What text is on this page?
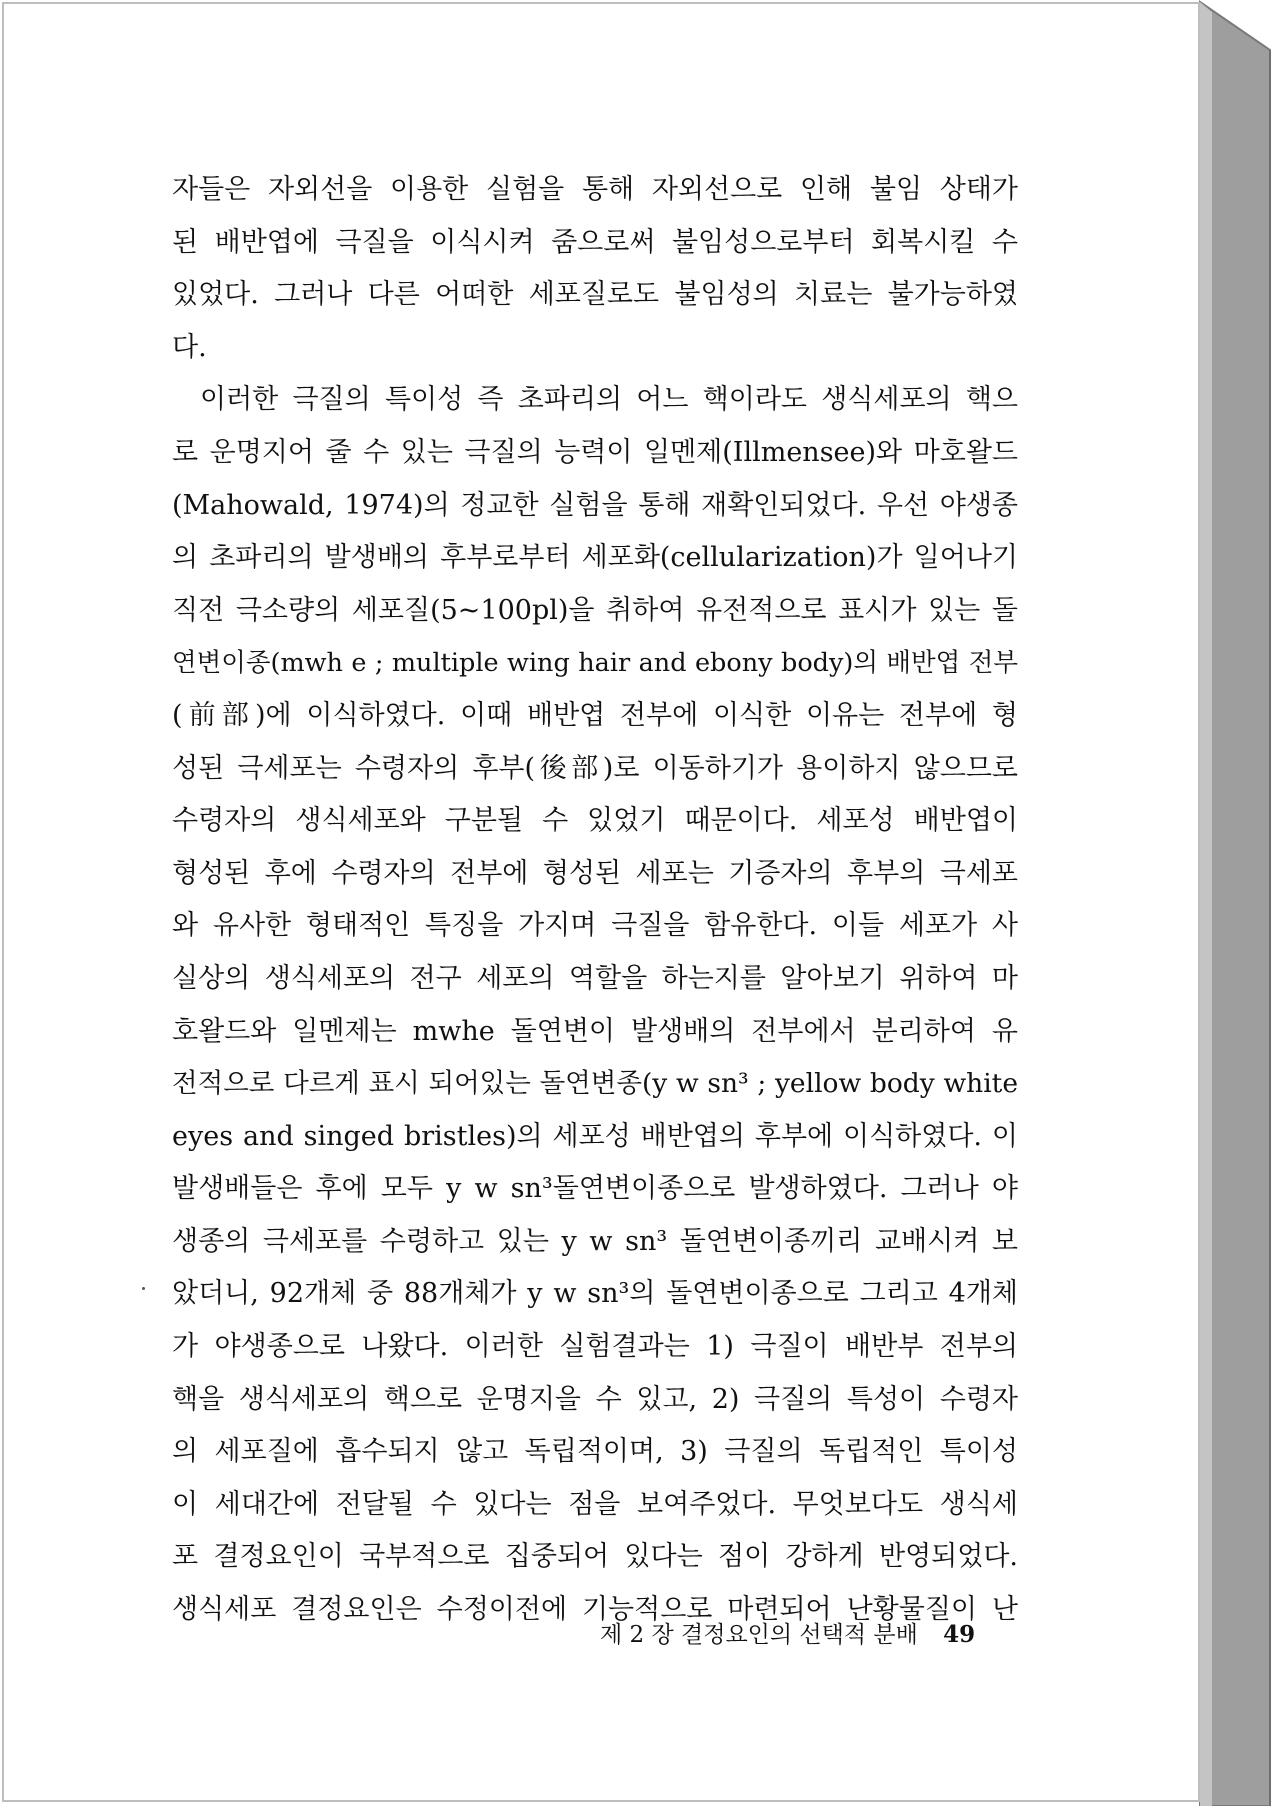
자들은 자외선을 이용한 실험을 통해 자외선으로 인해 불임 상태가
된 배반엽에 극질을 이식시켜 줌으로써 불임성으로부터 회복시킬 수
있었다. 그러나 다른 어떠한 세포질로도 불임성의 치료는 불가능하였
다.
이러한 극질의 특이성 즉 초파리의 어느 핵이라도 생식세포의 핵으
로 운명지어 줄 수 있는 극질의 능력이 일멘제(Illmensee)와 마호왈드
(Mahowald, 1974)의 정교한 실험을 통해 재확인되었다. 우선 야생종
의 초파리의 발생배의 후부로부터 세포화(cellularization)가 일어나기
직전 극소량의 세포질(5~100pl)을 취하여 유전적으로 표시가 있는 돌
연변이종(mwh e ; multiple wing hair and ebony body)의 배반엽 전부
(前部)에 이식하였다. 이때 배반엽 전부에 이식한 이유는 전부에 형
성된 극세포는 수령자의 후부(後部)로 이동하기가 용이하지 않으므로
수령자의 생식세포와 구분될 수 있었기 때문이다. 세포성 배반엽이
형성된 후에 수령자의 전부에 형성된 세포는 기증자의 후부의 극세포
와 유사한 형태적인 특징을 가지며 극질을 함유한다. 이들 세포가 사
실상의 생식세포의 전구 세포의 역할을 하는지를 알아보기 위하여 마
호왈드와 일멘제는 mwhe 돌연변이 발생배의 전부에서 분리하여 유
전적으로 다르게 표시 되어있는 돌연변종(y w sn³ ; yellow body white
eyes and singed bristles)의 세포성 배반엽의 후부에 이식하였다. 이
발생배들은 후에 모두 y w sn³돌연변이종으로 발생하였다. 그러나 야
생종의 극세포를 수령하고 있는 y w sn³ 돌연변이종끼리 교배시켜 보
았더니, 92개체 중 88개체가 y w sn³의 돌연변이종으로 그리고 4개체
가 야생종으로 나왔다. 이러한 실험결과는 1) 극질이 배반부 전부의
핵을 생식세포의 핵으로 운명지을 수 있고, 2) 극질의 특성이 수령자
의 세포질에 흡수되지 않고 독립적이며, 3) 극질의 독립적인 특이성
이 세대간에 전달될 수 있다는 점을 보여주었다. 무엇보다도 생식세
포 결정요인이 국부적으로 집중되어 있다는 점이 강하게 반영되었다.
생식세포 결정요인은 수정이전에 기능적으로 마련되어 난황물질이 난
제 2 장 결정요인의 선택적 분배 49
